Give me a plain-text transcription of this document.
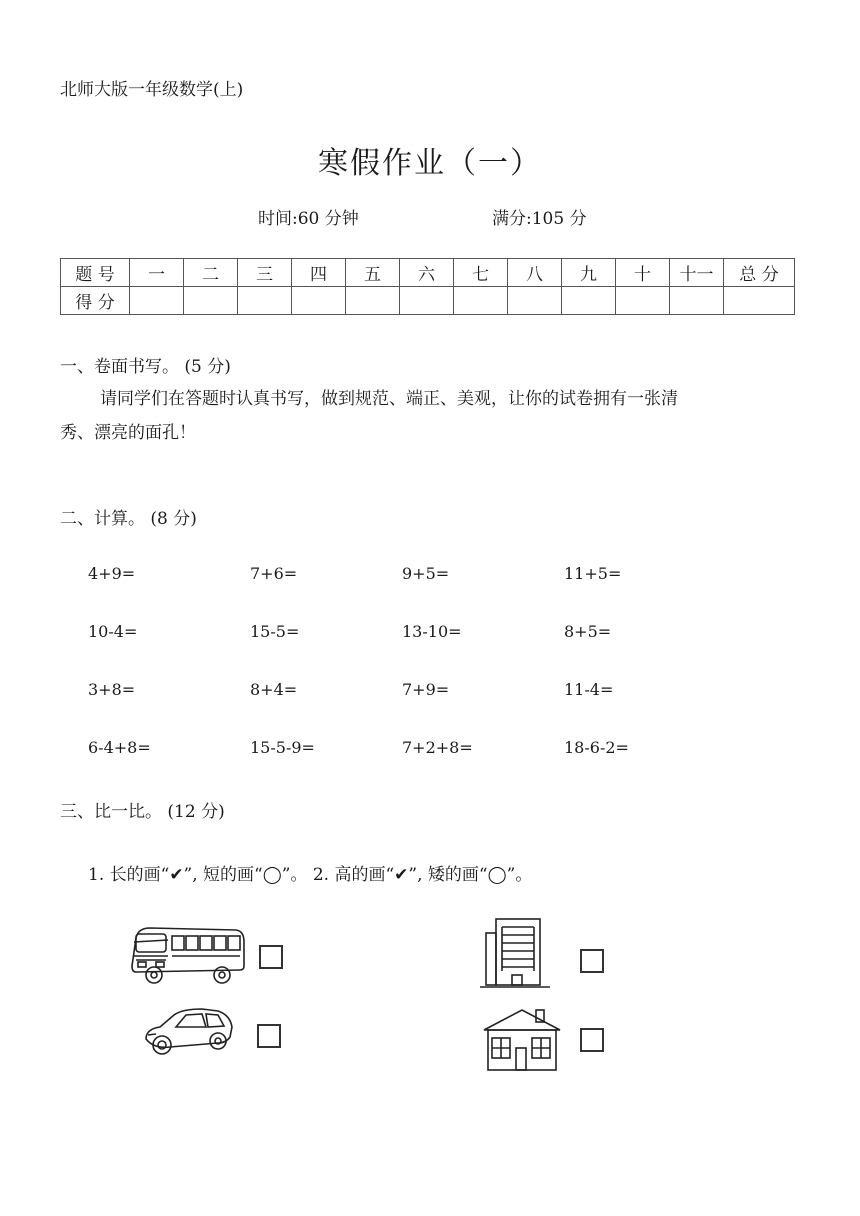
北师大版一年级数学(上)
寒假作业（一）
时间:60 分钟	满分:105 分
题 号	一	二	三	四	五	六	七	八	九	十	十一	总 分
得 分												
一、卷面书写。 (5 分)
请同学们在答题时认真书写，做到规范、端正、美观，让你的试卷拥有一张清
秀、漂亮的面孔！
二、计算。 (8 分)
4+9=	7+6=	9+5=	11+5=
10-4=	15-5=	13-10=	8+5=
3+8=	8+4=	7+9=	11-4=
6-4+8=	15-5-9=	7+2+8=	18-6-2=
三、比一比。 (12 分)
1. 长的画“✔”, 短的画“◯”。 2. 高的画“✔”, 矮的画“◯”。
